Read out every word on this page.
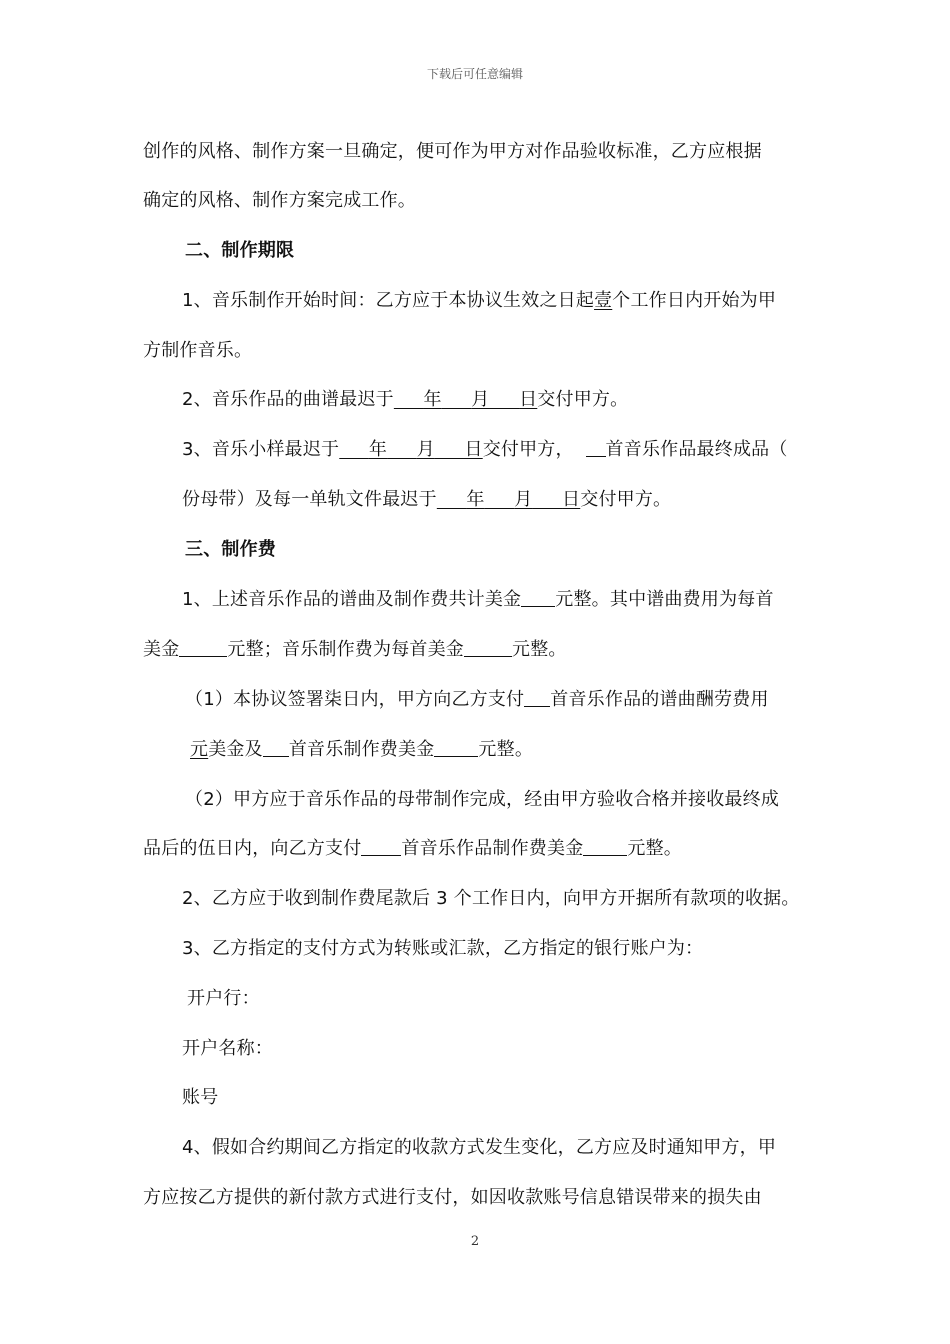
下载后可任意编辑
创作的风格、制作方案一旦确定，便可作为甲方对作品验收标准，乙方应根据
确定的风格、制作方案完成工作。
二、制作期限
1、音乐制作开始时间：乙方应于本协议生效之日起壹个工作日内开始为甲
方制作音乐。
2、音乐作品的曲谱最迟于 年 月 日交付甲方。
3、音乐小样最迟于 年 月 日交付甲方， 首音乐作品最终成品（
份母带）及每一单轨文件最迟于 年 月 日交付甲方。
三、制作费
1、上述音乐作品的谱曲及制作费共计美金 元整。其中谱曲费用为每首
美金	元整；音乐制作费为每首美金	元整。
（1）本协议签署柒日内，甲方向乙方支付 首音乐作品的谱曲酬劳费用
元美金及 首音乐制作费美金 元整。
（2）甲方应于音乐作品的母带制作完成，经由甲方验收合格并接收最终成
品后的伍日内，向乙方支付 首音乐作品制作费美金 元整。
2、乙方应于收到制作费尾款后 3 个工作日内，向甲方开据所有款项的收据。
3、乙方指定的支付方式为转账或汇款，乙方指定的银行账户为：
开户行：
开户名称：
账号
4、假如合约期间乙方指定的收款方式发生变化，乙方应及时通知甲方，甲
方应按乙方提供的新付款方式进行支付，如因收款账号信息错误带来的损失由
2
